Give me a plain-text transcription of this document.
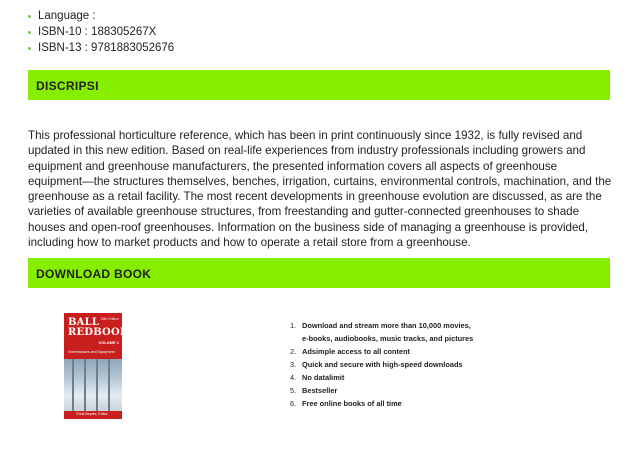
Language :
ISBN-10 : 188305267X
ISBN-13 : 9781883052676
DISCRIPSI

This professional horticulture reference, which has been in print continuously since 1932, is fully revised and updated in this new edition. Based on real-life experiences from industry professionals including growers and equipment and greenhouse manufacturers, the presented information covers all aspects of greenhouse equipment—the structures themselves, benches, irrigation, curtains, environmental controls, machination, and the greenhouse as a retail facility. The most recent developments in greenhouse evolution are discussed, as are the varieties of available greenhouse structures, from freestanding and gutter-connected greenhouses to shade houses and open-roof greenhouses. Information on the business side of managing a greenhouse is provided, including how to market products and how to operate a retail store from a greenhouse.

DOWNLOAD BOOK
BALL
REDBOOK
18th Edition
VOLUME 1
Greenhouses and Equipment
Chris Beytes, Editor
1. Download and stream more than 10,000 movies,
e-books, audiobooks, music tracks, and pictures
2. Adsimple access to all content
3. Quick and secure with high-speed downloads
4. No datalimit
5. Bestseller
6. Free online books of all time
